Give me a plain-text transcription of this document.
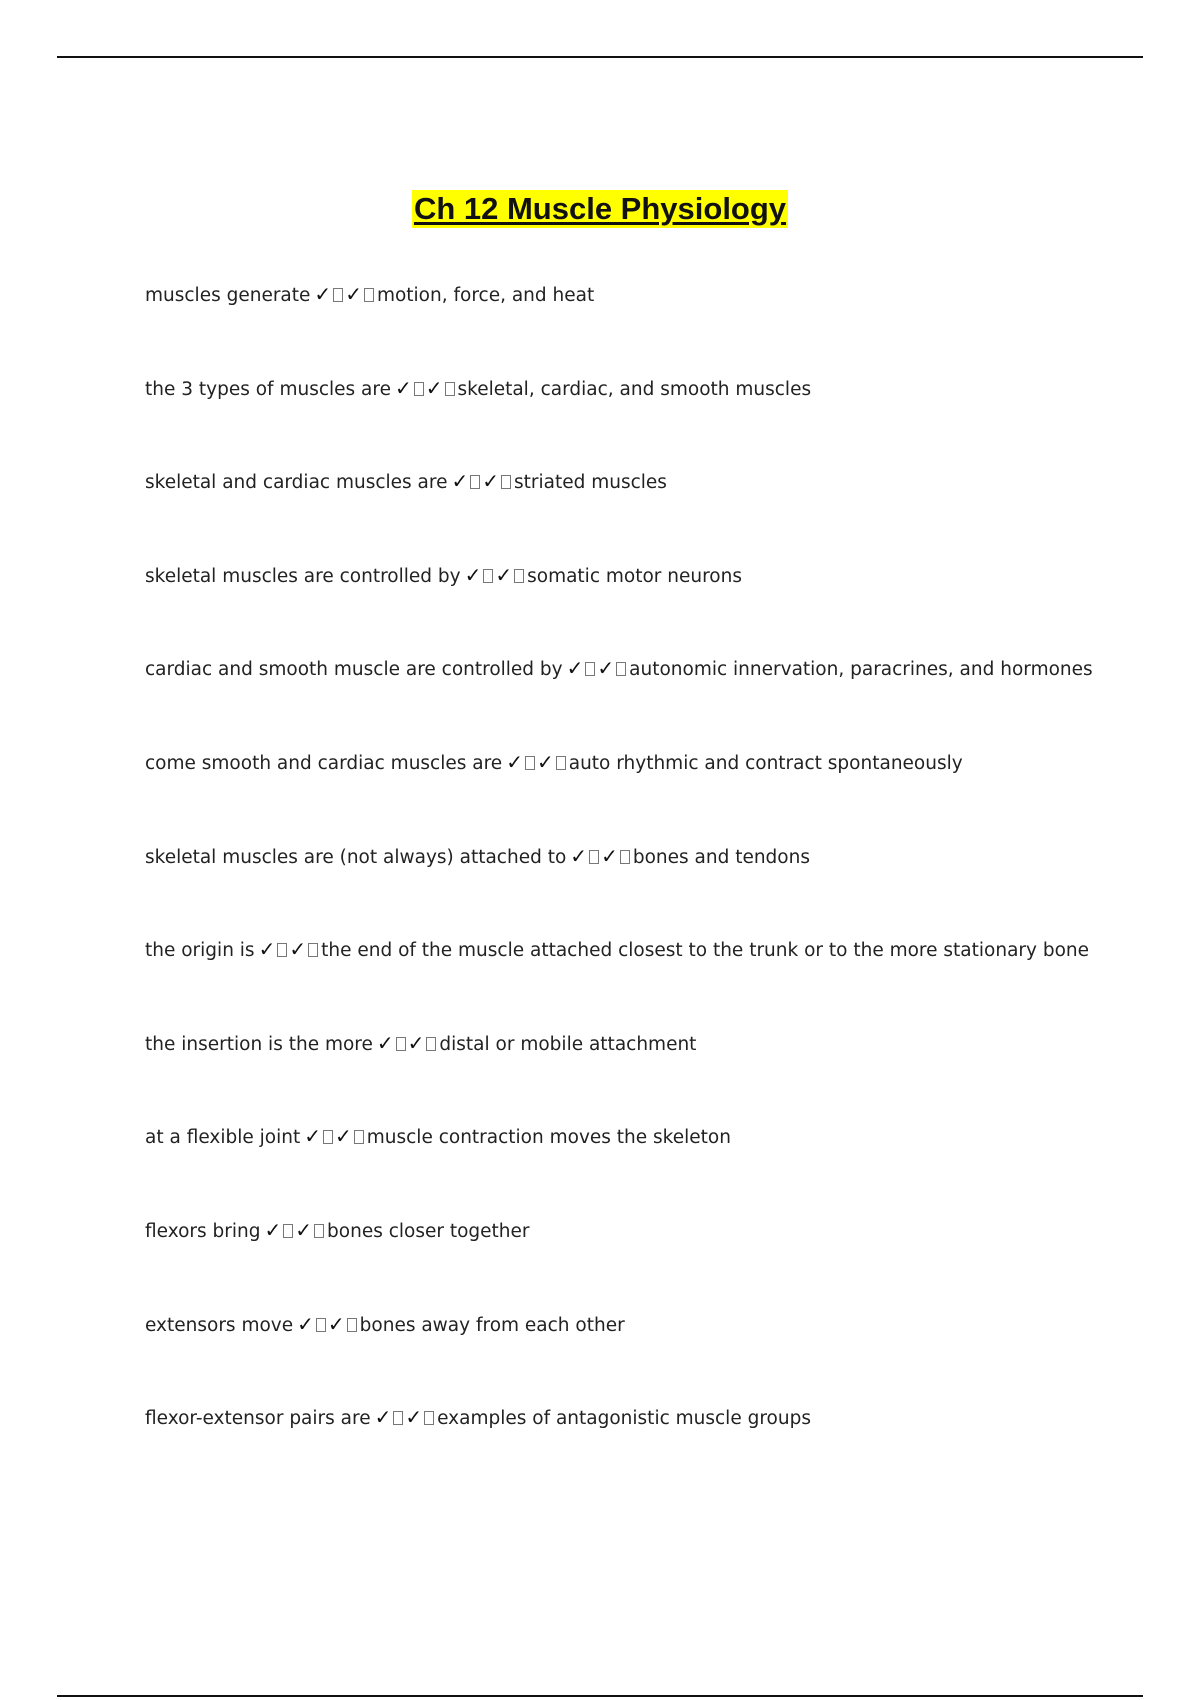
Ch 12 Muscle Physiology
muscles generate ✓ ✓ motion, force, and heat
the 3 types of muscles are ✓ ✓ skeletal, cardiac, and smooth muscles
skeletal and cardiac muscles are ✓ ✓ striated muscles
skeletal muscles are controlled by ✓ ✓ somatic motor neurons
cardiac and smooth muscle are controlled by ✓ ✓ autonomic innervation, paracrines, and hormones
come smooth and cardiac muscles are ✓ ✓ auto rhythmic and contract spontaneously
skeletal muscles are (not always) attached to ✓ ✓ bones and tendons
the origin is ✓ ✓ the end of the muscle attached closest to the trunk or to the more stationary bone
the insertion is the more ✓ ✓ distal or mobile attachment
at a flexible joint ✓ ✓ muscle contraction moves the skeleton
flexors bring ✓ ✓ bones closer together
extensors move ✓ ✓ bones away from each other
flexor-extensor pairs are ✓ ✓ examples of antagonistic muscle groups
